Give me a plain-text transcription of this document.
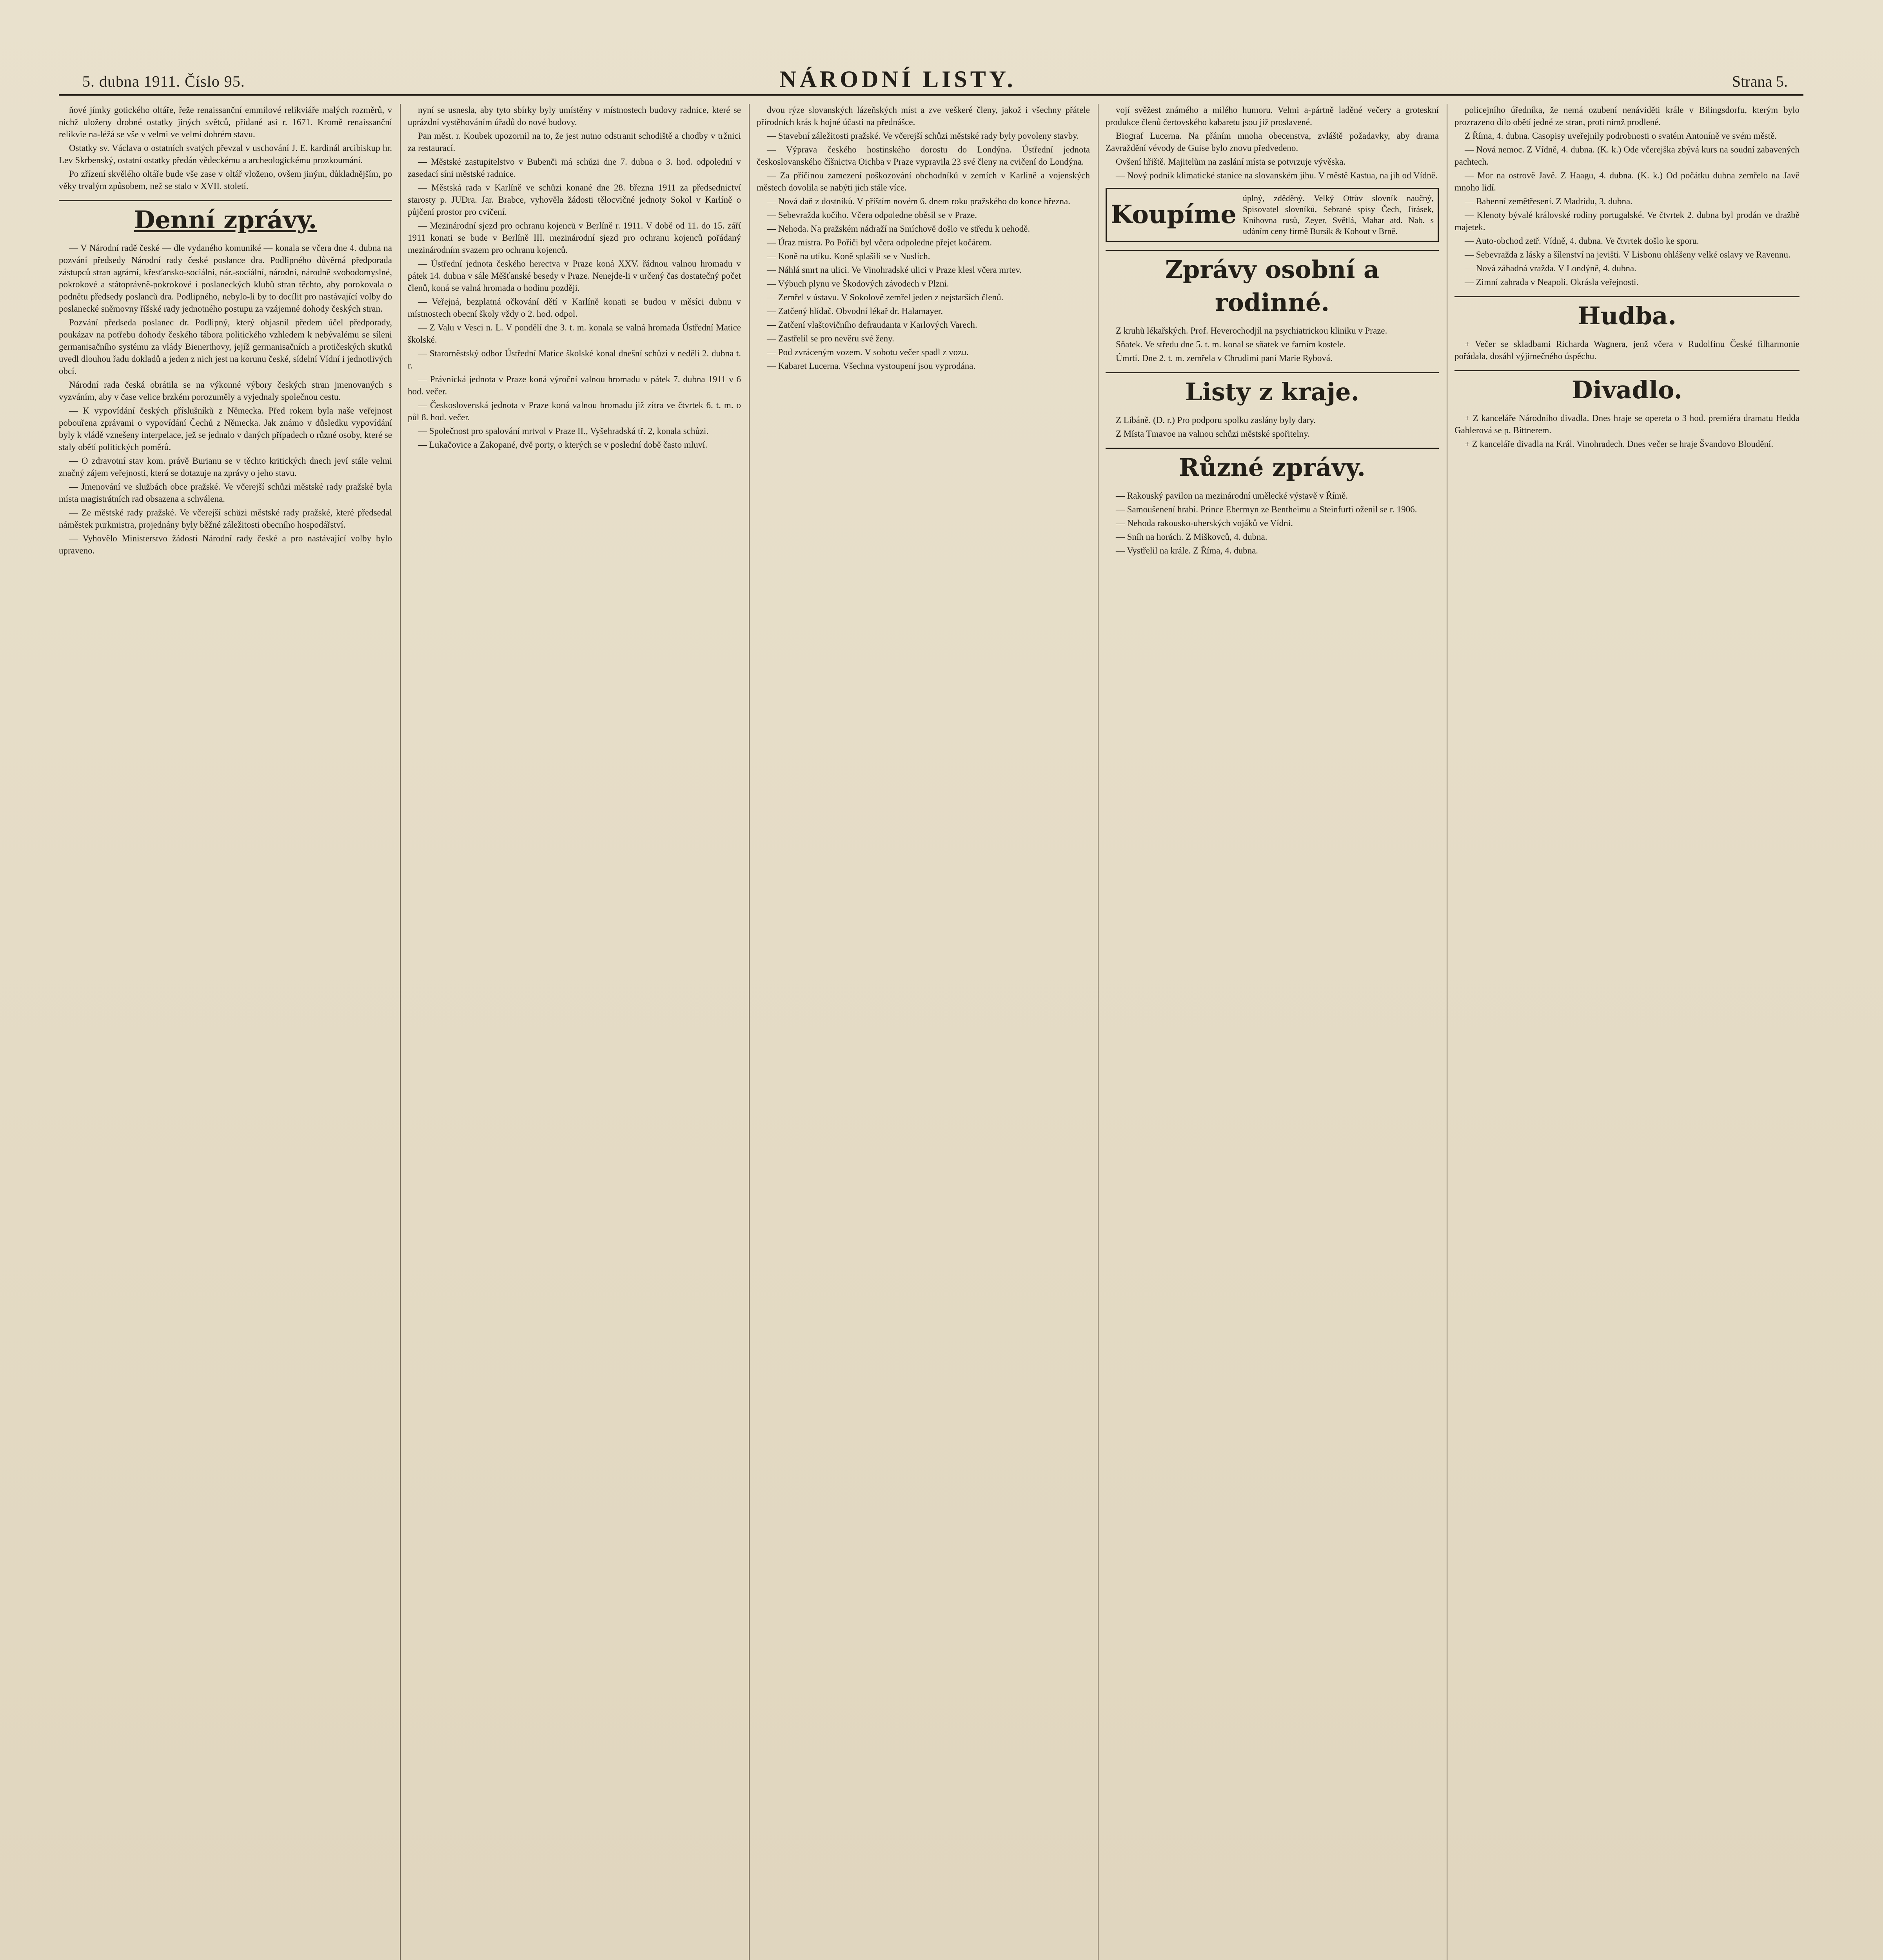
5. dubna 1911. Číslo 95.	NÁRODNÍ LISTY.	Strana 5.

ňové jímky gotického oltáře, řeže renaissanční emmilové relikviáře malých rozměrů, v nichž uloženy drobné ostatky jiných světců, přidané asi r. 1671. Kromě renaissanční relikvie na-léžá se vše v velmi ve velmi dobrém stavu.

Ostatky sv. Václava o ostatních svatých převzal v uschování J. E. kardinál arcibiskup hr. Lev Skrbenský, ostatní ostatky předán vědeckému a archeologickému prozkoumání.

Po zřízení skvělého oltáře bude vše zase v oltář vloženo, ovšem jiným, důkladnějším, po věky trvalým způsobem, než se stalo v XVII. století.

Denní zprávy.

— V Národní radě české — dle vydaného komuniké — konala se včera dne 4. dubna na pozvání předsedy Národní rady české poslance dra. Podlipného důvěrná předporada zástupců stran agrární, křesťansko-sociální, nár.-sociální, národní, národně svobodomyslné, pokrokové a státoprávně-pokrokové i poslaneckých klubů stran těchto, aby porokovala o podnětu předsedy poslanců dra. Podlipného, nebylo-li by to docílit pro nastávající volby do poslanecké sněmovny říšské rady jednotného postupu za vzájemné dohody českých stran.

Pozvání předseda poslanec dr. Podlipný, který objasnil předem účel předporady, poukázav na potřebu dohody českého tábora politického vzhledem k nebývalému se síleni germanisačního systému za vlády Bienerthovy, jejíž germanisačních a protičeských skutků uvedl dlouhou řadu dokladů a jeden z nich jest na korunu české, sídelní Vídní i jednotlivých obcí.

Národní rada česká obrátila se na výkonné výbory českých stran jmenovaných s vyzváním, aby v čase velice brzkém porozuměly a vyjednaly společnou cestu.

— K vypovídání českých příslušníků z Německa. Před rokem byla naše veřejnost pobouřena zprávami o vypovídání Čechů z Německa. Jak známo v důsledku vypovídání byly k vládě vznešeny interpelace, jež se jednalo v daných případech o různé osoby, které se staly obětí politických poměrů.

— O zdravotní stav kom. právě Burianu se v těchto kritických dnech jeví stále velmi značný zájem veřejnosti, která se dotazuje na zprávy o jeho stavu.

— Jmenování ve službách obce pražské. Ve včerejší schůzi městské rady pražské byla místa magistrátních rad obsazena a schválena.

— Ze městské rady pražské. Ve včerejší schůzi městské rady pražské, které předsedal náměstek purkmistra, projednány byly běžné záležitosti obecního hospodářství.

— Vyhovělo Ministerstvo žádosti Národní rady české a pro nastávající volby bylo upraveno.

nyní se usnesla, aby tyto sbírky byly umístěny v místnostech budovy radnice, které se uprázdní vystěhováním úřadů do nové budovy.

Pan měst. r. Koubek upozornil na to, že jest nutno odstranit schodiště a chodby v tržnici za restaurací.

— Městské zastupitelstvo v Bubenči má schůzi dne 7. dubna o 3. hod. odpolední v zasedací síni městské radnice.

— Městská rada v Karlíně ve schůzi konané dne 28. března 1911 za předsednictví starosty p. JUDra. Jar. Brabce, vyhověla žádosti tělocvičné jednoty Sokol v Karlíně o půjčení prostor pro cvičení.

— Mezinárodní sjezd pro ochranu kojenců v Berlíně r. 1911. V době od 11. do 15. září 1911 konati se bude v Berlíně III. mezinárodní sjezd pro ochranu kojenců pořádaný mezinárodním svazem pro ochranu kojenců.

— Ústřední jednota českého herectva v Praze koná XXV. řádnou valnou hromadu v pátek 14. dubna v sále Měšťanské besedy v Praze. Nenejde-li v určený čas dostatečný počet členů, koná se valná hromada o hodinu později.

— Veřejná, bezplatná očkování dětí v Karlíně konati se budou v měsíci dubnu v místnostech obecní školy vždy o 2. hod. odpol.

— Z Valu v Vesci n. L. V pondělí dne 3. t. m. konala se valná hromada Ústřední Matice školské.

— Starorněstský odbor Ústřední Matice školské konal dnešní schůzi v neděli 2. dubna t. r.

— Právnická jednota v Praze koná výroční valnou hromadu v pátek 7. dubna 1911 v 6 hod. večer.

— Československá jednota v Praze koná valnou hromadu již zítra ve čtvrtek 6. t. m. o půl 8. hod. večer.

— Společnost pro spalování mrtvol v Praze II., Vyšehradská tř. 2, konala schůzi.

— Lukačovice a Zakopané, dvě porty, o kterých se v poslední době často mluví.

dvou rýze slovanských lázeňských míst a zve veškeré členy, jakož i všechny přátele přírodních krás k hojné účasti na přednášce.

— Stavební záležitosti pražské. Ve včerejší schůzi městské rady byly povoleny stavby.

— Výprava českého hostinského dorostu do Londýna. Ústřední jednota českoslovanského číšnictva Oichba v Praze vypravila 23 své členy na cvičení do Londýna.

— Za příčinou zamezení poškozování obchodníků v zemích v Karlině a vojenských městech dovolila se nabýti jich stále více.

— Nová daň z dostníků. V příštím novém 6. dnem roku pražského do konce března.

— Sebevražda kočího. Včera odpoledne oběsil se v Praze.

— Nehoda. Na pražském nádraží na Smíchově došlo ve středu k nehodě.

— Úraz mistra. Po Pořiči byl včera odpoledne přejet kočárem.

— Koně na utíku. Koně splašili se v Nuslích.

— Náhlá smrt na ulici. Ve Vinohradské ulici v Praze klesl včera mrtev.

— Výbuch plynu ve Škodových závodech v Plzni.

— Zemřel v ústavu. V Sokolově zemřel jeden z nejstarších členů.

— Zatčený hlídač. Obvodní lékař dr. Halamayer.

— Zatčení vlaštovičního defraudanta v Karlových Varech.

— Zastřelil se pro nevěru své ženy.

— Pod zvráceným vozem. V sobotu večer spadl z vozu.

— Kabaret Lucerna. Všechna vystoupení jsou vyprodána.

vojí svěžest známého a milého humoru. Velmi a-pártně laděné večery a groteskní produkce členů čertovského kabaretu jsou již proslavené.

Biograf Lucerna. Na přáním mnoha obecenstva, zvláště požadavky, aby drama Zavraždění vévody de Guise bylo znovu předvedeno.

Ovšení hřiště. Majitelům na zaslání místa se potvrzuje vývěska.

— Nový podnik klimatické stanice na slovanském jihu. V městě Kastua, na jih od Vídně.

Koupíme
úplný, zděděný. Velký Ottův slovník naučný, Spisovatel slovníků, Sebrané spisy Čech, Jirásek, Knihovna rusů, Zeyer, Světlá, Mahar atd. Nab. s udáním ceny firmě Bursík & Kohout v Brně.
Zprávy osobní a rodinné.

Z kruhů lékařských. Prof. Heverochodjíl na psychiatrickou kliniku v Praze.

Sňatek. Ve středu dne 5. t. m. konal se sňatek ve farním kostele.

Úmrtí. Dne 2. t. m. zemřela v Chrudimi paní Marie Rybová.

Listy z kraje.

Z Libáně. (D. r.) Pro podporu spolku zaslány byly dary.

Z Místa Tmavoe na valnou schůzi městské spořitelny.

Různé zprávy.

— Rakouský pavilon na mezinárodní umělecké výstavě v Římě.

— Samoušenení hrabi. Prince Ebermyn ze Bentheimu a Steinfurti oženil se r. 1906.

— Nehoda rakousko-uherských vojáků ve Vídni.

— Sníh na horách. Z Miškovců, 4. dubna.

— Vystřelil na krále. Z Říma, 4. dubna.

policejního úředníka, že nemá ozubení nenáviděti krále v Bilingsdorfu, kterým bylo prozrazeno dílo obětí jedné ze stran, proti nimž prodlené.

Z Říma, 4. dubna. Casopisy uveřejnily podrobnosti o svatém Antoníně ve svém městě.

— Nová nemoc. Z Vídně, 4. dubna. (K. k.) Ode včerejška zbývá kurs na soudní zabavených pachtech.

— Mor na ostrově Javě. Z Haagu, 4. dubna. (K. k.) Od počátku dubna zemřelo na Javě mnoho lidí.

— Bahenní zemětřesení. Z Madridu, 3. dubna.

— Klenoty bývalé královské rodiny portugalské. Ve čtvrtek 2. dubna byl prodán ve dražbě majetek.

— Auto-obchod zetř. Vídně, 4. dubna. Ve čtvrtek došlo ke sporu.

— Sebevražda z lásky a šílenství na jevišti. V Lisbonu ohlášeny velké oslavy ve Ravennu.

— Nová záhadná vražda. V Londýně, 4. dubna.

— Zimní zahrada v Neapoli. Okrásla veřejnosti.

Hudba.

+ Večer se skladbami Richarda Wagnera, jenž včera v Rudolfinu České filharmonie pořádala, dosáhl výjimečného úspěchu.

Divadlo.

+ Z kanceláře Národního divadla. Dnes hraje se opereta o 3 hod. premiéra dramatu Hedda Gablerová se p. Bittnerem.

+ Z kanceláře divadla na Král. Vinohradech. Dnes večer se hraje Švandovo Bloudění.
